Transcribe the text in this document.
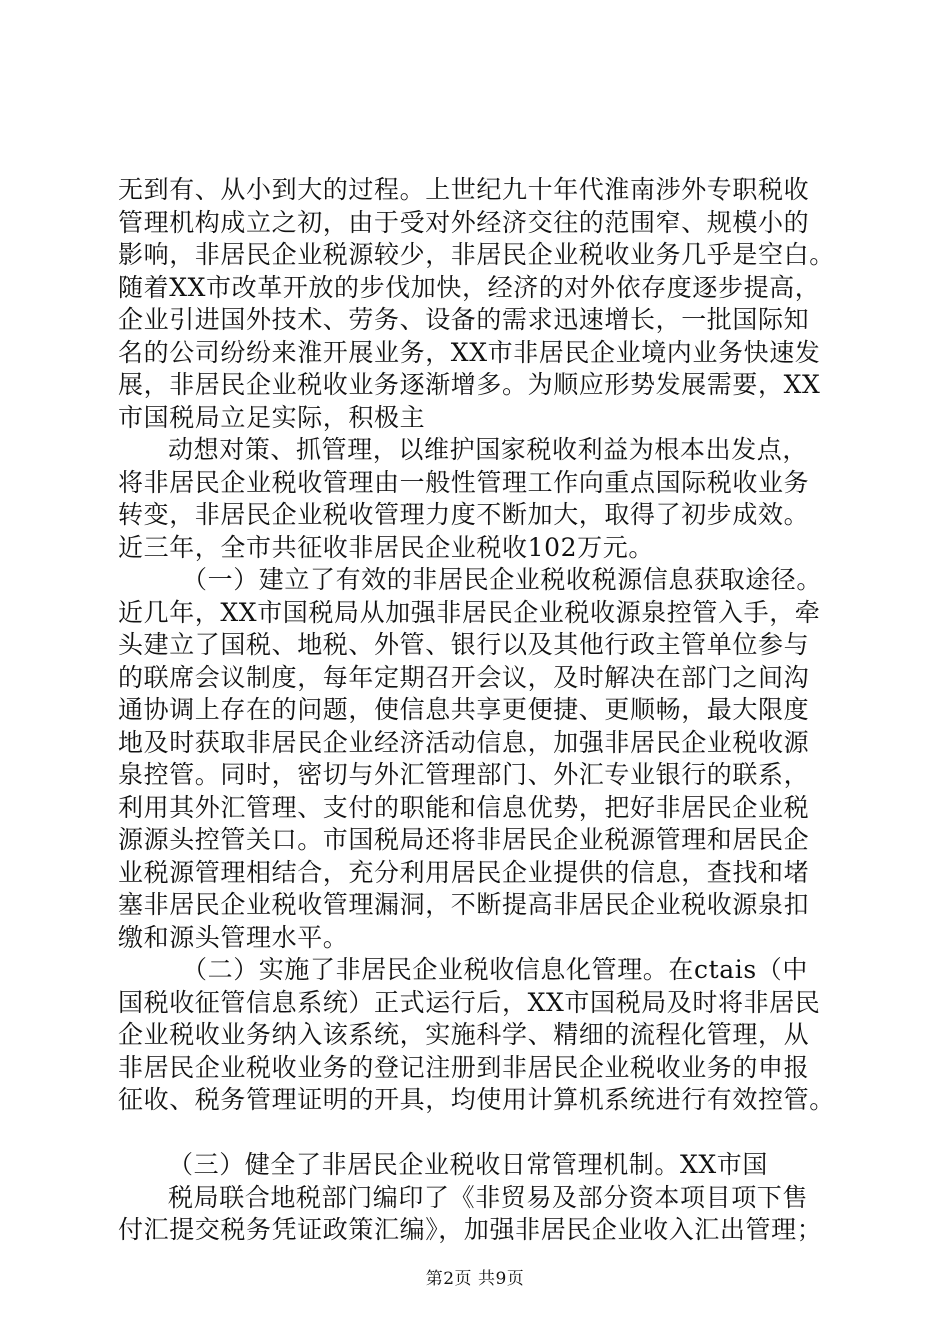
无到有、从小到大的过程。上世纪九十年代淮南涉外专职税收
管理机构成立之初，由于受对外经济交往的范围窄、规模小的
影响，非居民企业税源较少，非居民企业税收业务几乎是空白。
随着XX市改革开放的步伐加快，经济的对外依存度逐步提高，
企业引进国外技术、劳务、设备的需求迅速增长，一批国际知
名的公司纷纷来淮开展业务，XX市非居民企业境内业务快速发
展，非居民企业税收业务逐渐增多。为顺应形势发展需要，XX
市国税局立足实际，积极主
动想对策、抓管理，以维护国家税收利益为根本出发点，
将非居民企业税收管理由一般性管理工作向重点国际税收业务
转变，非居民企业税收管理力度不断加大，取得了初步成效。
近三年，全市共征收非居民企业税收102万元。
（一）建立了有效的非居民企业税收税源信息获取途径。
近几年，XX市国税局从加强非居民企业税收源泉控管入手，牵
头建立了国税、地税、外管、银行以及其他行政主管单位参与
的联席会议制度，每年定期召开会议，及时解决在部门之间沟
通协调上存在的问题，使信息共享更便捷、更顺畅，最大限度
地及时获取非居民企业经济活动信息，加强非居民企业税收源
泉控管。同时，密切与外汇管理部门、外汇专业银行的联系，
利用其外汇管理、支付的职能和信息优势，把好非居民企业税
源源头控管关口。市国税局还将非居民企业税源管理和居民企
业税源管理相结合，充分利用居民企业提供的信息，查找和堵
塞非居民企业税收管理漏洞，不断提高非居民企业税收源泉扣
缴和源头管理水平。
（二）实施了非居民企业税收信息化管理。在ctais（中
国税收征管信息系统）正式运行后，XX市国税局及时将非居民
企业税收业务纳入该系统，实施科学、精细的流程化管理，从
非居民企业税收业务的登记注册到非居民企业税收业务的申报
征收、税务管理证明的开具，均使用计算机系统进行有效控管。
（三）健全了非居民企业税收日常管理机制。XX市国
税局联合地税部门编印了《非贸易及部分资本项目项下售
付汇提交税务凭证政策汇编》，加强非居民企业收入汇出管理；
第2页 共9页
